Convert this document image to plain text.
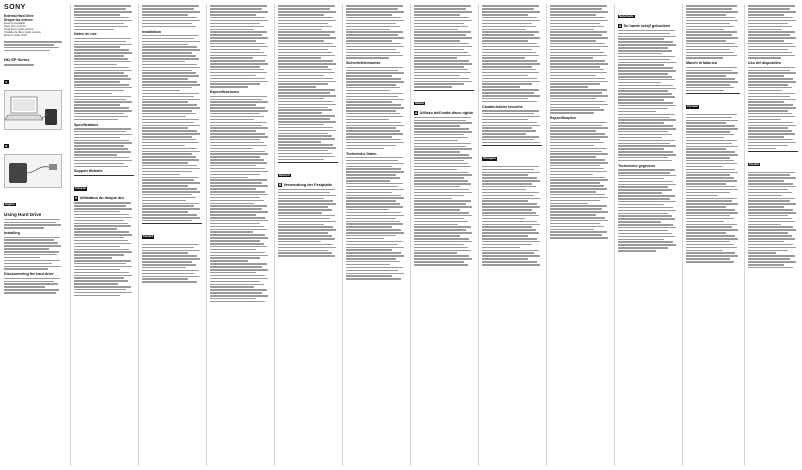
SONY
External Hard Drive
Disque dur externe
Externe Festplatte
Disco duro externo
Unità disco rigido esterna
Unidade de disco rígido externa
Externe vaste schijf
HD-SP Series
A
B
English
Using Hard Drive
Installing
Disconnecting the hard drive
Notes on use
Specifications
Support Website
Français
A Utilisation du disque dur
Installation
Español
Especificaciones
Deutsch
B Verwendung der Festplatte
Sicherheitshinweise
Technische Daten
Italiano
A Utilizzo dell'unità disco rigido
Caratteristiche tecniche
Português
Especificações
Nederlands
A De harde schijf gebruiken
Technische gegevens
Marchi di fabbrica
Русский
Uso del dispositivo
Español
